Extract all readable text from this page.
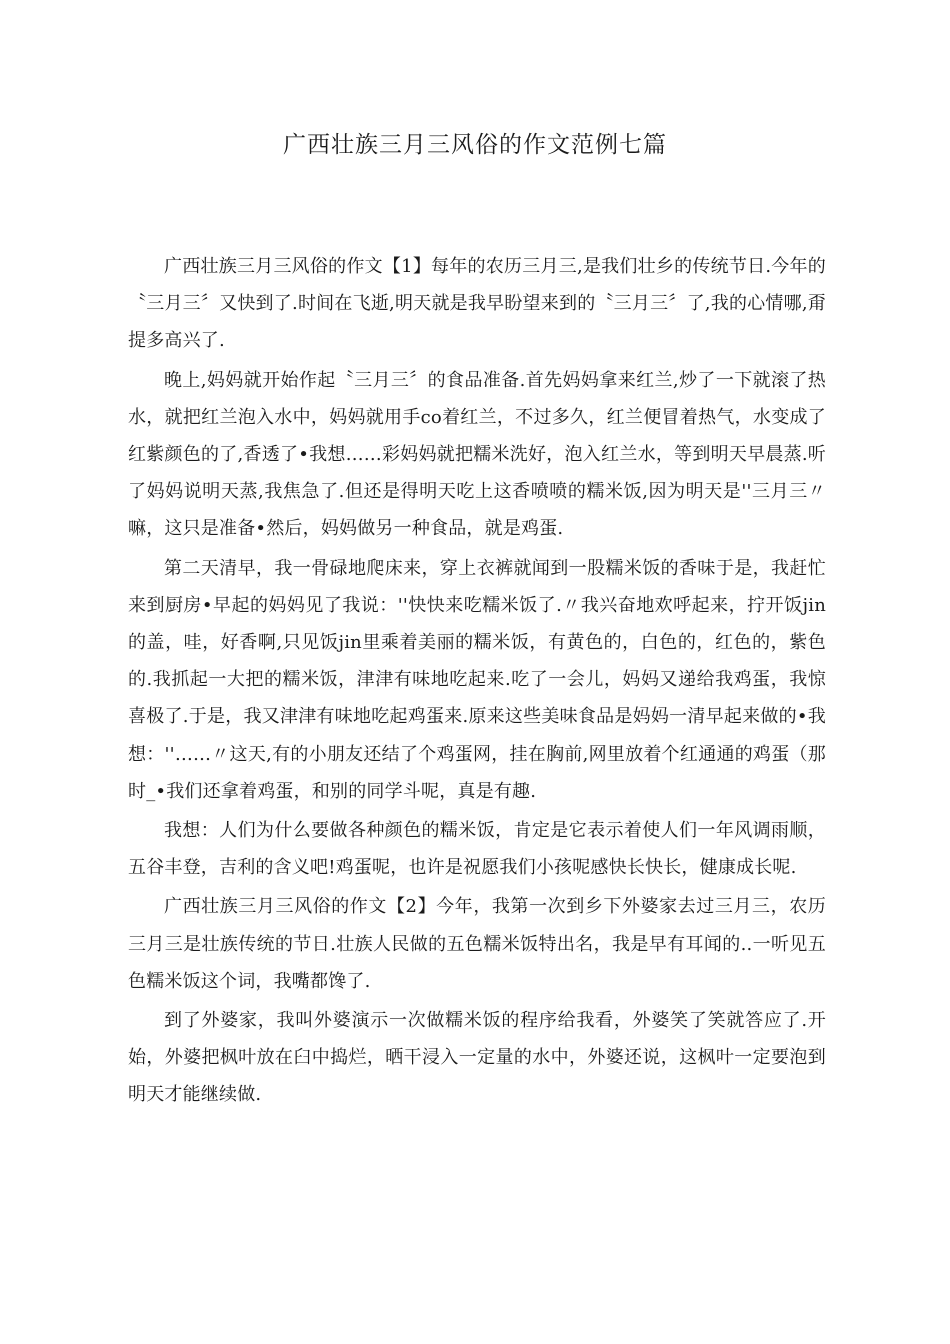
广西壮族三月三风俗的作文范例七篇

广西壮族三月三风俗的作文【1】每年的农历三月三,是我们壮乡的传统节日.今年的〝三月三〞又快到了.时间在飞逝,明天就是我早盼望来到的〝三月三〞了,我的心情哪,甭提多高兴了.

晚上,妈妈就开始作起〝三月三〞的食品准备.首先妈妈拿来红兰,炒了一下就滚了热水，就把红兰泡入水中，妈妈就用手co着红兰，不过多久，红兰便冒着热气，水变成了红紫颜色的了,香透了•我想……彩妈妈就把糯米洗好，泡入红兰水，等到明天早晨蒸.听了妈妈说明天蒸,我焦急了.但还是得明天吃上这香喷喷的糯米饭,因为明天是''三月三〃嘛，这只是准备•然后，妈妈做另一种食品，就是鸡蛋.

第二天清早，我一骨碌地爬床来，穿上衣裤就闻到一股糯米饭的香味于是，我赶忙来到厨房•早起的妈妈见了我说：''快快来吃糯米饭了.〃我兴奋地欢呼起来，拧开饭jin的盖，哇，好香啊,只见饭jin里乘着美丽的糯米饭，有黄色的，白色的，红色的，紫色的.我抓起一大把的糯米饭，津津有味地吃起来.吃了一会儿，妈妈又递给我鸡蛋，我惊喜极了.于是，我又津津有味地吃起鸡蛋来.原来这些美味食品是妈妈一清早起来做的•我想：''……〃这天,有的小朋友还结了个鸡蛋网，挂在胸前,网里放着个红通通的鸡蛋（那时_•我们还拿着鸡蛋，和别的同学斗呢，真是有趣.

我想：人们为什么要做各种颜色的糯米饭，肯定是它表示着使人们一年风调雨顺，五谷丰登，吉利的含义吧!鸡蛋呢，也许是祝愿我们小孩呢感快长快长，健康成长呢.

广西壮族三月三风俗的作文【2】今年，我第一次到乡下外婆家去过三月三，农历三月三是壮族传统的节日.壮族人民做的五色糯米饭特出名，我是早有耳闻的..一听见五色糯米饭这个词，我嘴都馋了.

到了外婆家，我叫外婆演示一次做糯米饭的程序给我看，外婆笑了笑就答应了.开始，外婆把枫叶放在臼中捣烂，晒干浸入一定量的水中，外婆还说，这枫叶一定要泡到明天才能继续做.
